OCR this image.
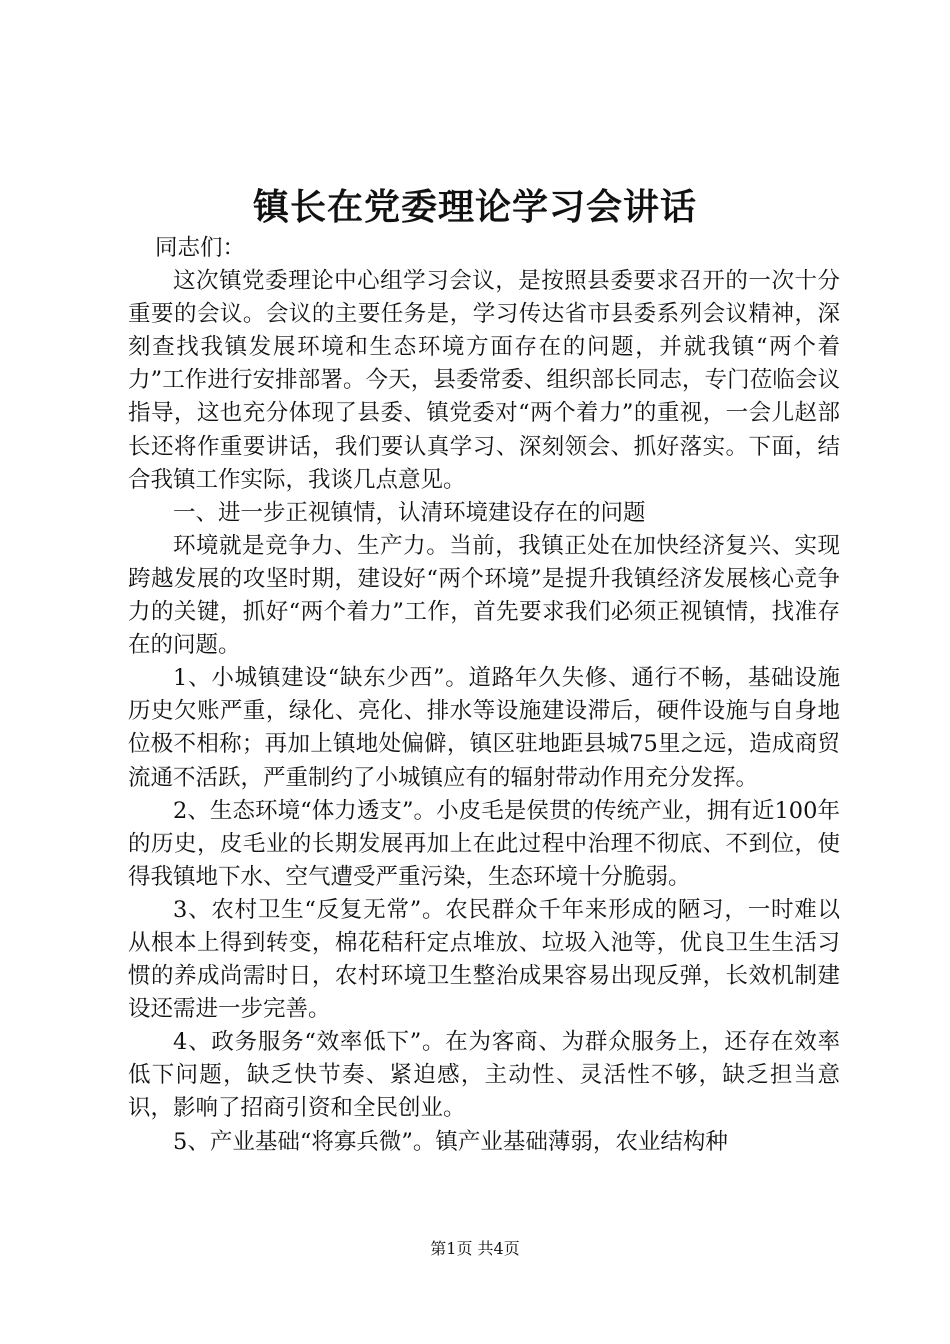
镇长在党委理论学习会讲话

同志们：

这次镇党委理论中心组学习会议，是按照县委要求召开的一次十分重要的会议。会议的主要任务是，学习传达省市县委系列会议精神，深刻查找我镇发展环境和生态环境方面存在的问题，并就我镇“两个着力”工作进行安排部署。今天，县委常委、组织部长同志，专门莅临会议指导，这也充分体现了县委、镇党委对“两个着力”的重视，一会儿赵部长还将作重要讲话，我们要认真学习、深刻领会、抓好落实。下面，结合我镇工作实际，我谈几点意见。

一、进一步正视镇情，认清环境建设存在的问题

环境就是竞争力、生产力。当前，我镇正处在加快经济复兴、实现跨越发展的攻坚时期，建设好“两个环境”是提升我镇经济发展核心竞争力的关键，抓好“两个着力”工作，首先要求我们必须正视镇情，找准存在的问题。

1、小城镇建设“缺东少西”。道路年久失修、通行不畅，基础设施历史欠账严重，绿化、亮化、排水等设施建设滞后，硬件设施与自身地位极不相称；再加上镇地处偏僻，镇区驻地距县城75里之远，造成商贸流通不活跃，严重制约了小城镇应有的辐射带动作用充分发挥。

2、生态环境“体力透支”。小皮毛是侯贯的传统产业，拥有近100年的历史，皮毛业的长期发展再加上在此过程中治理不彻底、不到位，使得我镇地下水、空气遭受严重污染，生态环境十分脆弱。

3、农村卫生“反复无常”。农民群众千年来形成的陋习，一时难以从根本上得到转变，棉花秸秆定点堆放、垃圾入池等，优良卫生生活习惯的养成尚需时日，农村环境卫生整治成果容易出现反弹，长效机制建设还需进一步完善。

4、政务服务“效率低下”。在为客商、为群众服务上，还存在效率低下问题，缺乏快节奏、紧迫感，主动性、灵活性不够，缺乏担当意识，影响了招商引资和全民创业。

5、产业基础“将寡兵微”。镇产业基础薄弱，农业结构种

第1页 共4页
